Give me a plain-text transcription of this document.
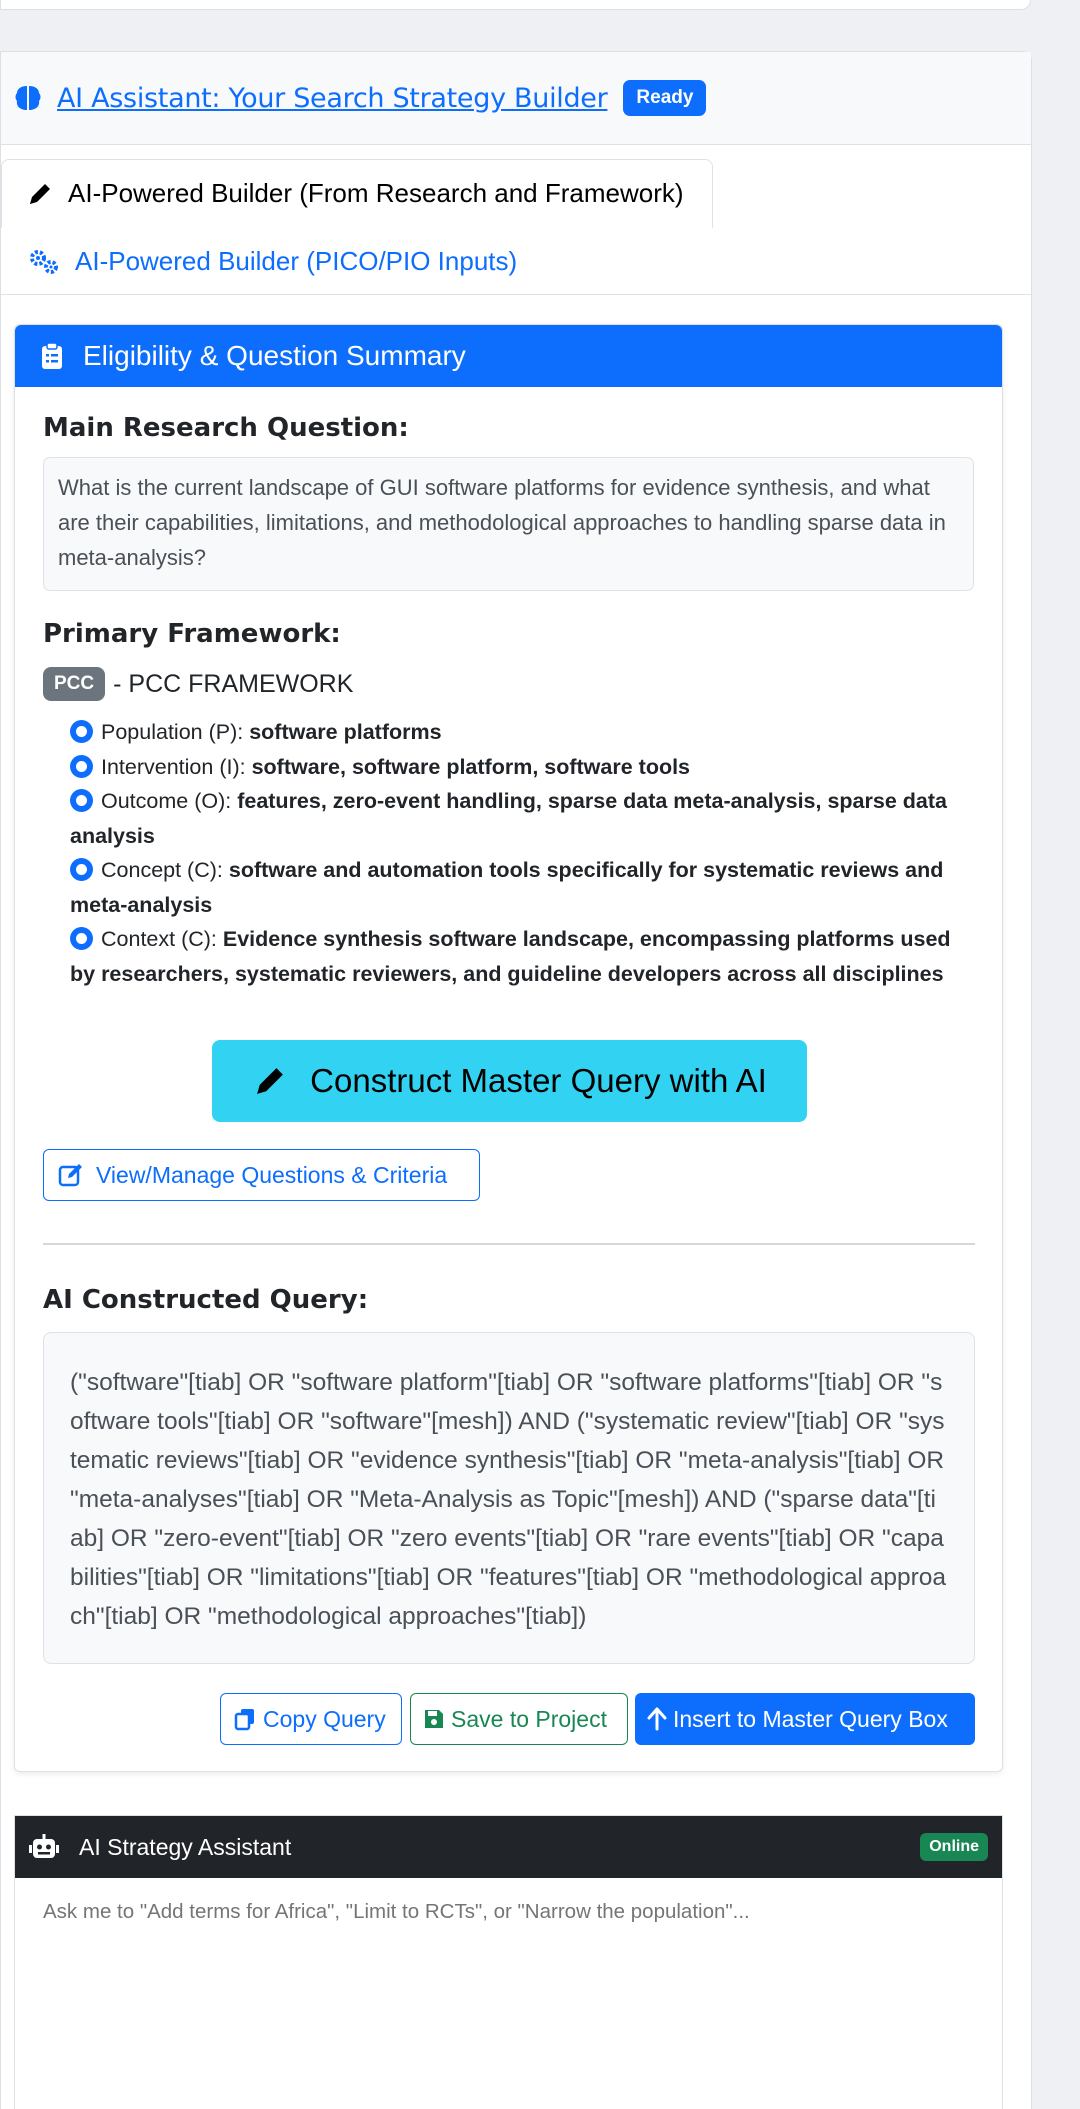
AI Assistant: Your Search Strategy Builder	Ready
AI-Powered Builder (From Research and Framework)
AI-Powered Builder (PICO/PIO Inputs)
Eligibility & Question Summary
Main Research Question:
What is the current landscape of GUI software platforms for evidence synthesis, and what are their capabilities, limitations, and methodological approaches to handling sparse data in meta-analysis?
Primary Framework:
PCC - PCC FRAMEWORK
Population (P): software platforms
Intervention (I): software, software platform, software tools
Outcome (O): features, zero-event handling, sparse data meta-analysis, sparse data analysis
Concept (C): software and automation tools specifically for systematic reviews and meta-analysis
Context (C): Evidence synthesis software landscape, encompassing platforms used by researchers, systematic reviewers, and guideline developers across all disciplines
Construct Master Query with AI
View/Manage Questions & Criteria
AI Constructed Query:
("software"[tiab] OR "software platform"[tiab] OR "software platforms"[tiab] OR "software tools"[tiab] OR "software"[mesh]) AND ("systematic review"[tiab] OR "systematic reviews"[tiab] OR "evidence synthesis"[tiab] OR "meta-analysis"[tiab] OR "meta-analyses"[tiab] OR "Meta-Analysis as Topic"[mesh]) AND ("sparse data"[tiab] OR "zero-event"[tiab] OR "zero events"[tiab] OR "rare events"[tiab] OR "capabilities"[tiab] OR "limitations"[tiab] OR "features"[tiab] OR "methodological approach"[tiab] OR "methodological approaches"[tiab])
Copy Query	Save to Project	Insert to Master Query Box
AI Strategy Assistant	Online
Ask me to "Add terms for Africa", "Limit to RCTs", or "Narrow the population"...
